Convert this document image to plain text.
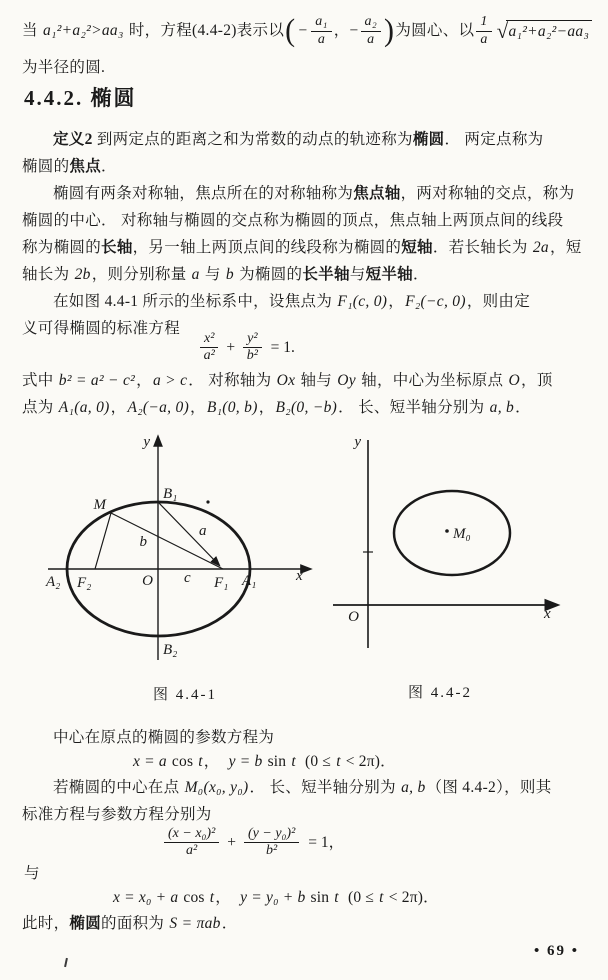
当 a₁²+a₂²>aa₃ 时，方程(4.4-2)表示以 ( − $\frac{\text{a₁}}{a}$ ，− $\frac{\text{a₂}}{a}$ ) 为圆心、以 $\frac{1}{a}$ √ a₁²+a₂²−aa₃
为半径的圆.
4.4.2. 椭圆
定义2 到两定点的距离之和为常数的动点的轨迹称为椭圆． 两定点称为
椭圆的焦点．
椭圆有两条对称轴，焦点所在的对称轴称为焦点轴，两对称轴的交点，称为
椭圆的中心． 对称轴与椭圆的交点称为椭圆的顶点，焦点轴上两顶点间的线段
称为椭圆的长轴，另一轴上两顶点间的线段称为椭圆的短轴．若长轴长为 2a，短
轴长为 2b，则分别称量 a 与 b 为椭圆的长半轴与短半轴．
在如图 4.4-1 所示的坐标系中，设焦点为 F₁(c, 0)，F₂(−c, 0)，则由定
义可得椭圆的标准方程
$\frac{\text{x²}}{\text{a²}} + \frac{\text{y²}}{\text{b²}} = 1$.
式中 b² = a² − c²，a > c． 对称轴为 Ox 轴与 Oy 轴，中心为坐标原点 O，顶
点为 A₁(a, 0)，A₂(−a, 0)，B₁(0, b)，B₂(0, −b)． 长、短半轴分别为 a, b．
y
x
B₁
B₂
M
a
b
A₂ F₂	O c F₁ A₁
图 4.4-1
M₀
y
x
O
图 4.4-2
中心在原点的椭圆的参数方程为
x = a cos t，  y = b sin t  (0 ≤ t < 2π)．
若椭圆的中心在点 M₀(x₀, y₀)． 长、短半轴分别为 a, b（图 4.4-2），则其
标准方程与参数方程分别为
$\frac{\text{(x − x₀)²}}{\text{a²}} + \frac{\text{(y − y₀)²}}{\text{b²}} = 1$，
与
x = x₀ + a cos t，  y = y₀ + b sin t  (0 ≤ t < 2π)．
此时，椭圆的面积为 S = πab．
• 69 •
